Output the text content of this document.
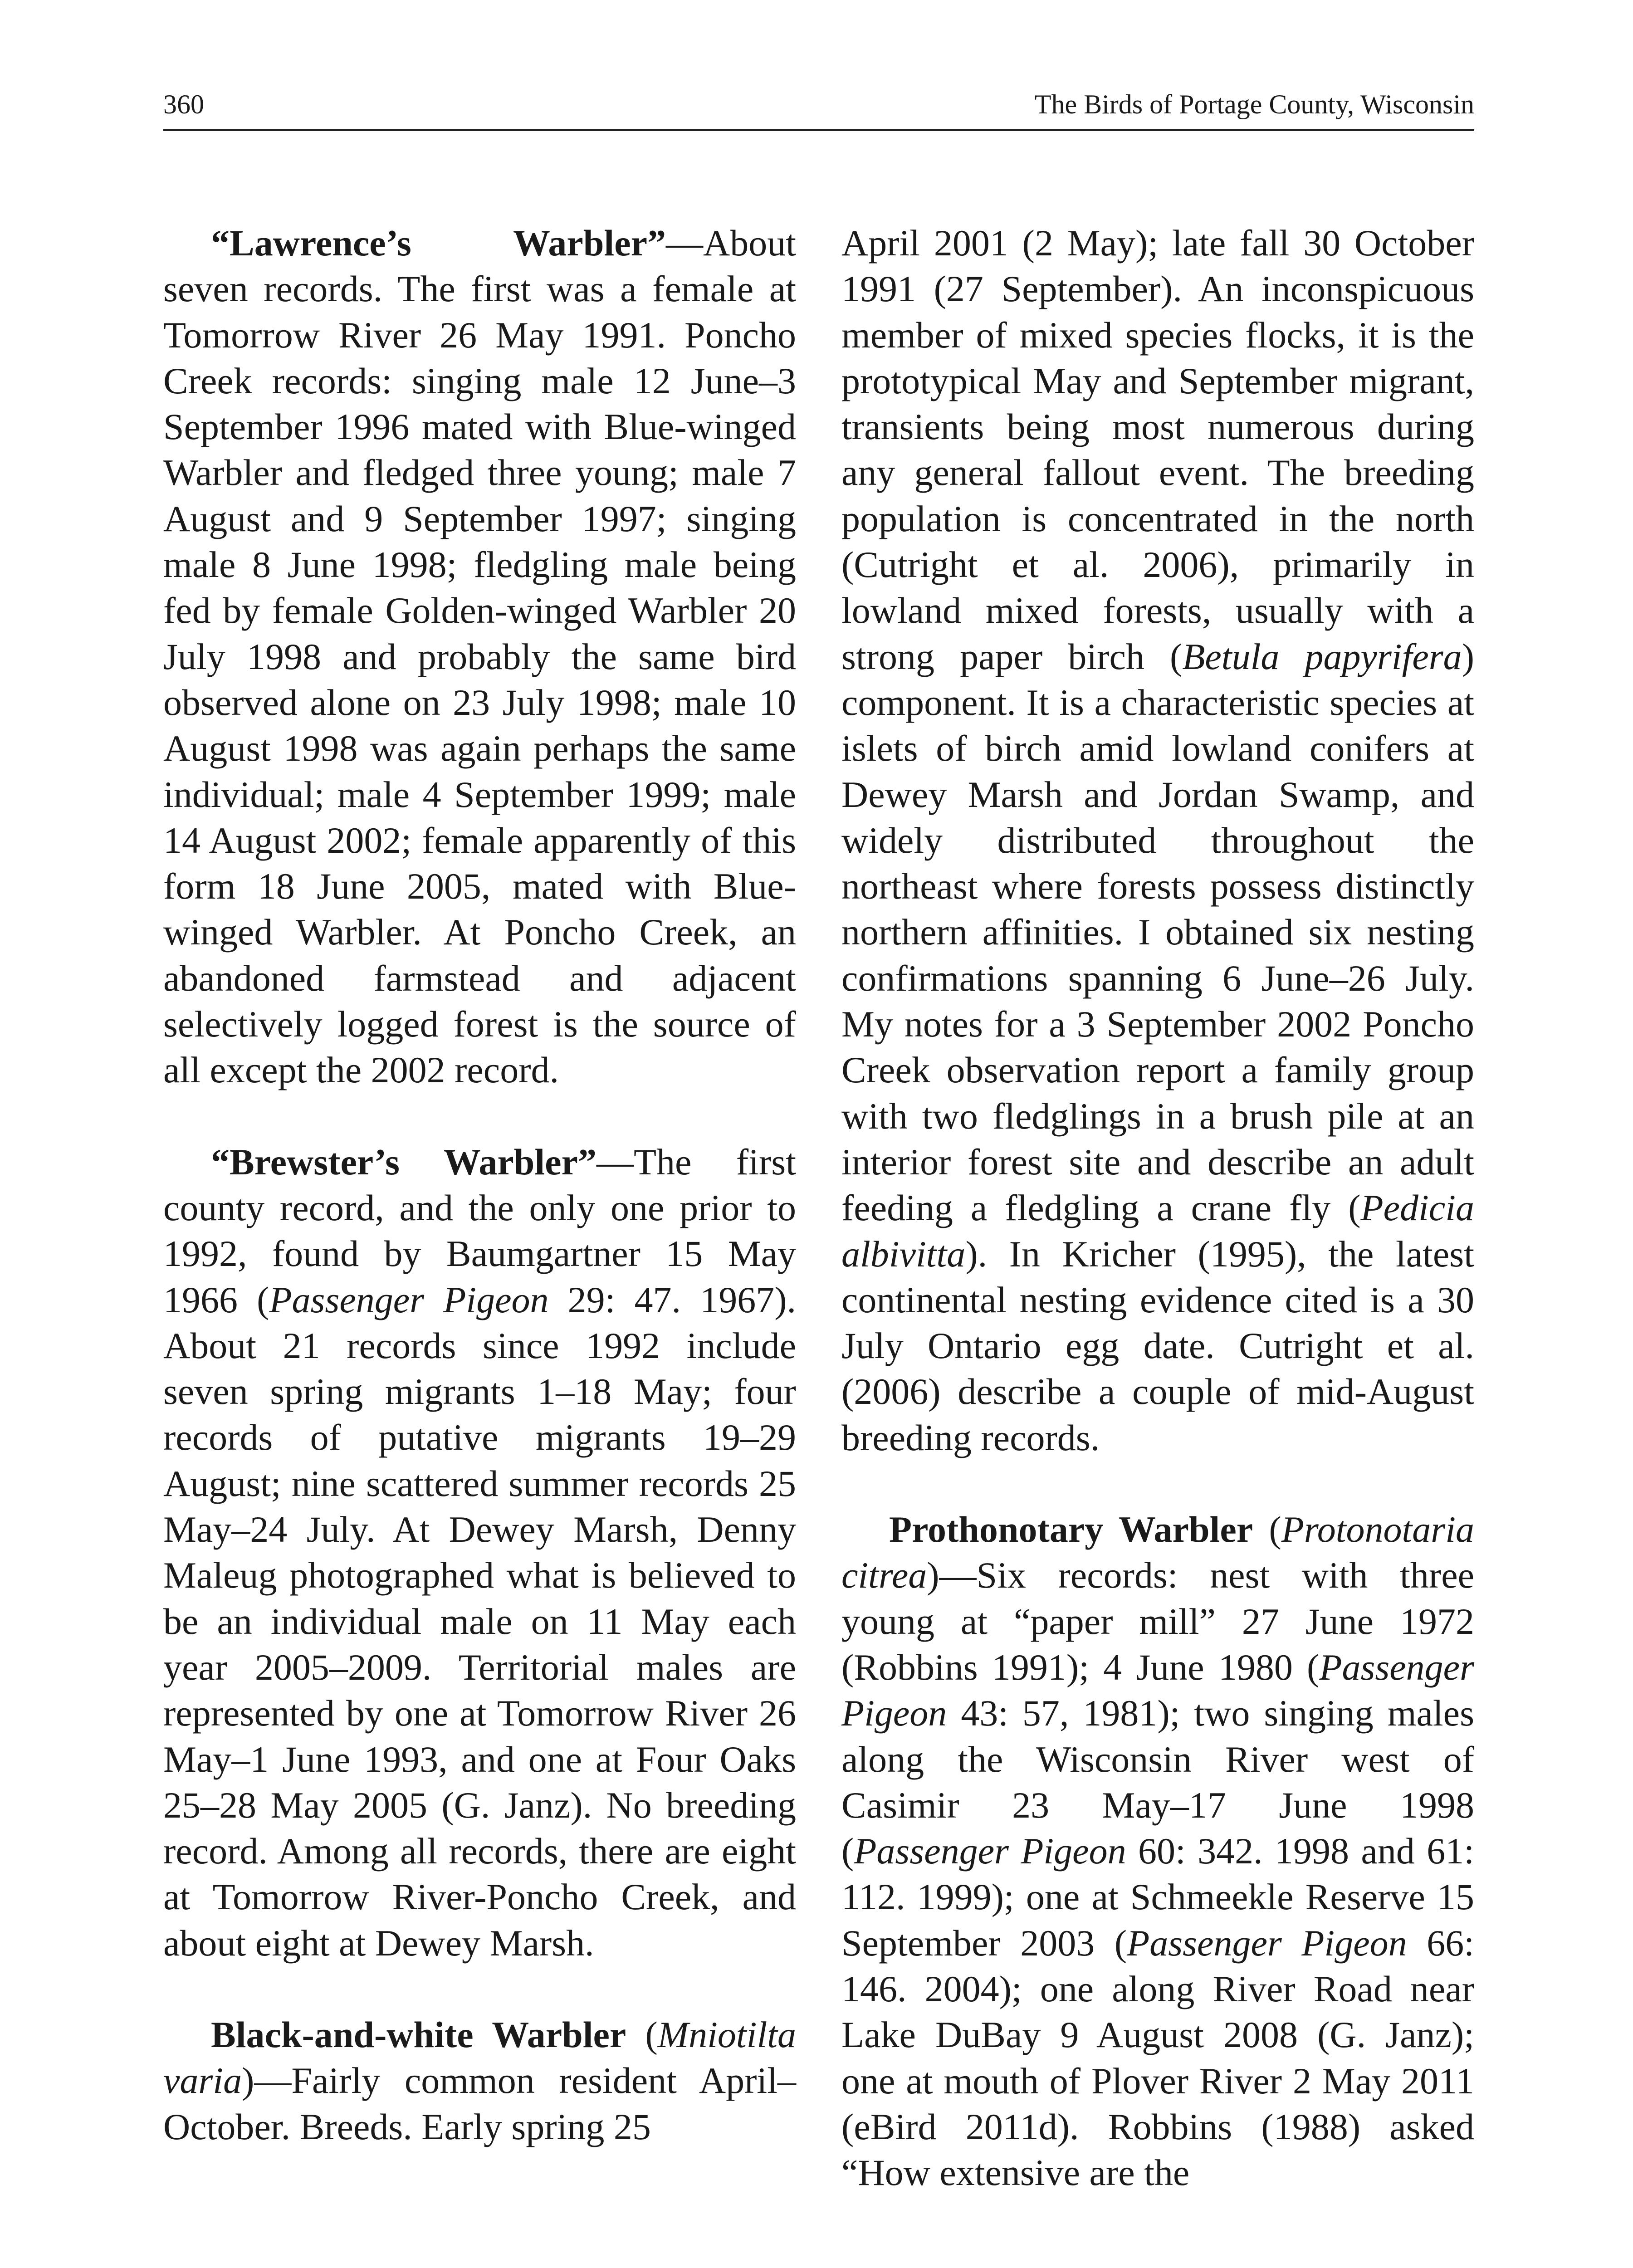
360	The Birds of Portage County, Wisconsin

“Lawrence’s Warbler”—About seven records. The first was a female at Tomorrow River 26 May 1991. Poncho Creek records: singing male 12 June–3 September 1996 mated with Blue-winged Warbler and fledged three young; male 7 August and 9 September 1997; singing male 8 June 1998; fledgling male being fed by female Golden-winged Warbler 20 July 1998 and probably the same bird observed alone on 23 July 1998; male 10 August 1998 was again perhaps the same individual; male 4 September 1999; male 14 August 2002; female apparently of this form 18 June 2005, mated with Blue-winged Warbler. At Poncho Creek, an abandoned farmstead and adjacent selectively logged forest is the source of all except the 2002 record.

“Brewster’s Warbler”—The first county record, and the only one prior to 1992, found by Baumgartner 15 May 1966 (Passenger Pigeon 29: 47. 1967). About 21 records since 1992 include seven spring migrants 1–18 May; four records of putative migrants 19–29 August; nine scattered summer records 25 May–24 July. At Dewey Marsh, Denny Maleug photographed what is believed to be an individual male on 11 May each year 2005–2009. Territorial males are represented by one at Tomorrow River 26 May–1 June 1993, and one at Four Oaks 25–28 May 2005 (G. Janz). No breeding record. Among all records, there are eight at Tomorrow River-Poncho Creek, and about eight at Dewey Marsh.

Black-and-white Warbler (Mniotilta varia)—Fairly common resident April–October. Breeds. Early spring 25

April 2001 (2 May); late fall 30 October 1991 (27 September). An inconspicuous member of mixed species flocks, it is the prototypical May and September migrant, transients being most numerous during any general fallout event. The breeding population is concentrated in the north (Cutright et al. 2006), primarily in lowland mixed forests, usually with a strong paper birch (Betula papyrifera) component. It is a characteristic species at islets of birch amid lowland conifers at Dewey Marsh and Jordan Swamp, and widely distributed throughout the northeast where forests possess distinctly northern affinities. I obtained six nesting confirmations spanning 6 June–26 July. My notes for a 3 September 2002 Poncho Creek observation report a family group with two fledglings in a brush pile at an interior forest site and describe an adult feeding a fledgling a crane fly (Pedicia albivitta). In Kricher (1995), the latest continental nesting evidence cited is a 30 July Ontario egg date. Cutright et al. (2006) describe a couple of mid-August breeding records.

Prothonotary Warbler (Protonotaria citrea)—Six records: nest with three young at “paper mill” 27 June 1972 (Robbins 1991); 4 June 1980 (Passenger Pigeon 43: 57, 1981); two singing males along the Wisconsin River west of Casimir 23 May–17 June 1998 (Passenger Pigeon 60: 342. 1998 and 61: 112. 1999); one at Schmeekle Reserve 15 September 2003 (Passenger Pigeon 66: 146. 2004); one along River Road near Lake DuBay 9 August 2008 (G. Janz); one at mouth of Plover River 2 May 2011 (eBird 2011d). Robbins (1988) asked “How extensive are the
